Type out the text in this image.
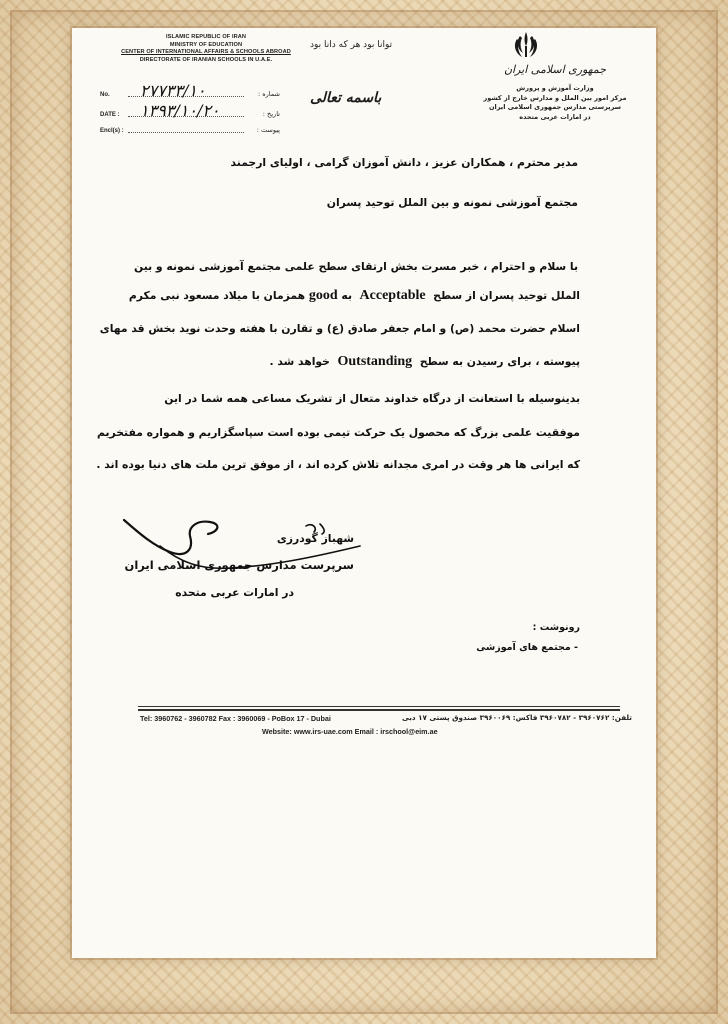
ISLAMIC REPUBLIC OF IRAN
MINISTRY OF EDUCATION
CENTER OF INTERNATIONAL AFFAIRS & SCHOOLS ABROAD
DIRECTORATE OF IRANIAN SCHOOLS IN U.A.E.
توانا بود هر که دانا بود
جمهوری اسلامی ایران
وزارت آموزش و پرورش
مرکز امور بین الملل و مدارس خارج از کشور
سرپرستی مدارس جمهوری اسلامی ایران
در امارات عربی متحده
باسمه تعالی
No. ۲۷۷۳۳/۱۰	شماره :
DATE : ۱۳۹۳/۱۰/۲۰	تاریخ :
Encl(s) :	پیوست :
مدیر محترم ، همکاران عزیز ، دانش آموزان گرامی ، اولیای ارجمند
مجتمع آموزشی نمونه و بین الملل توحید پسران
با سلام و احترام ، خبر مسرت بخش ارتقای سطح علمی مجتمع آموزشی نمونه و بین
الملل توحید پسران از سطح  Acceptable  به good همزمان با میلاد مسعود نبی مکرم
اسلام حضرت محمد (ص) و امام جعفر صادق (ع) و تقارن با هفته وحدت نوید بخش قد مهای
پیوسته ، برای رسیدن به سطح  Outstanding  خواهد شد .
بدینوسیله با استعانت از درگاه خداوند متعال از تشریک مساعی همه شما در این
موفقیت علمی بزرگ که محصول یک حرکت تیمی بوده است سپاسگزاریم و همواره مفتخریم
که ایرانی ها هر وقت در امری مجدانه تلاش کرده اند ، از موفق ترین ملت های دنیا بوده اند .
شهباز گودرزی
سرپرست مدارس جمهوری اسلامی ایران
در امارات عربی متحده
رونوشت :
- مجتمع های آموزشی
Tel: 3960762 - 3960782 Fax : 3960069 - PoBox 17 - Dubai	تلفن: ۳۹۶۰۷۶۲ - ۳۹۶۰۷۸۲ فاکس: ۳۹۶۰۰۶۹ صندوق پستی ۱۷ دبی
Website: www.irs-uae.com Email : irschool@eim.ae
